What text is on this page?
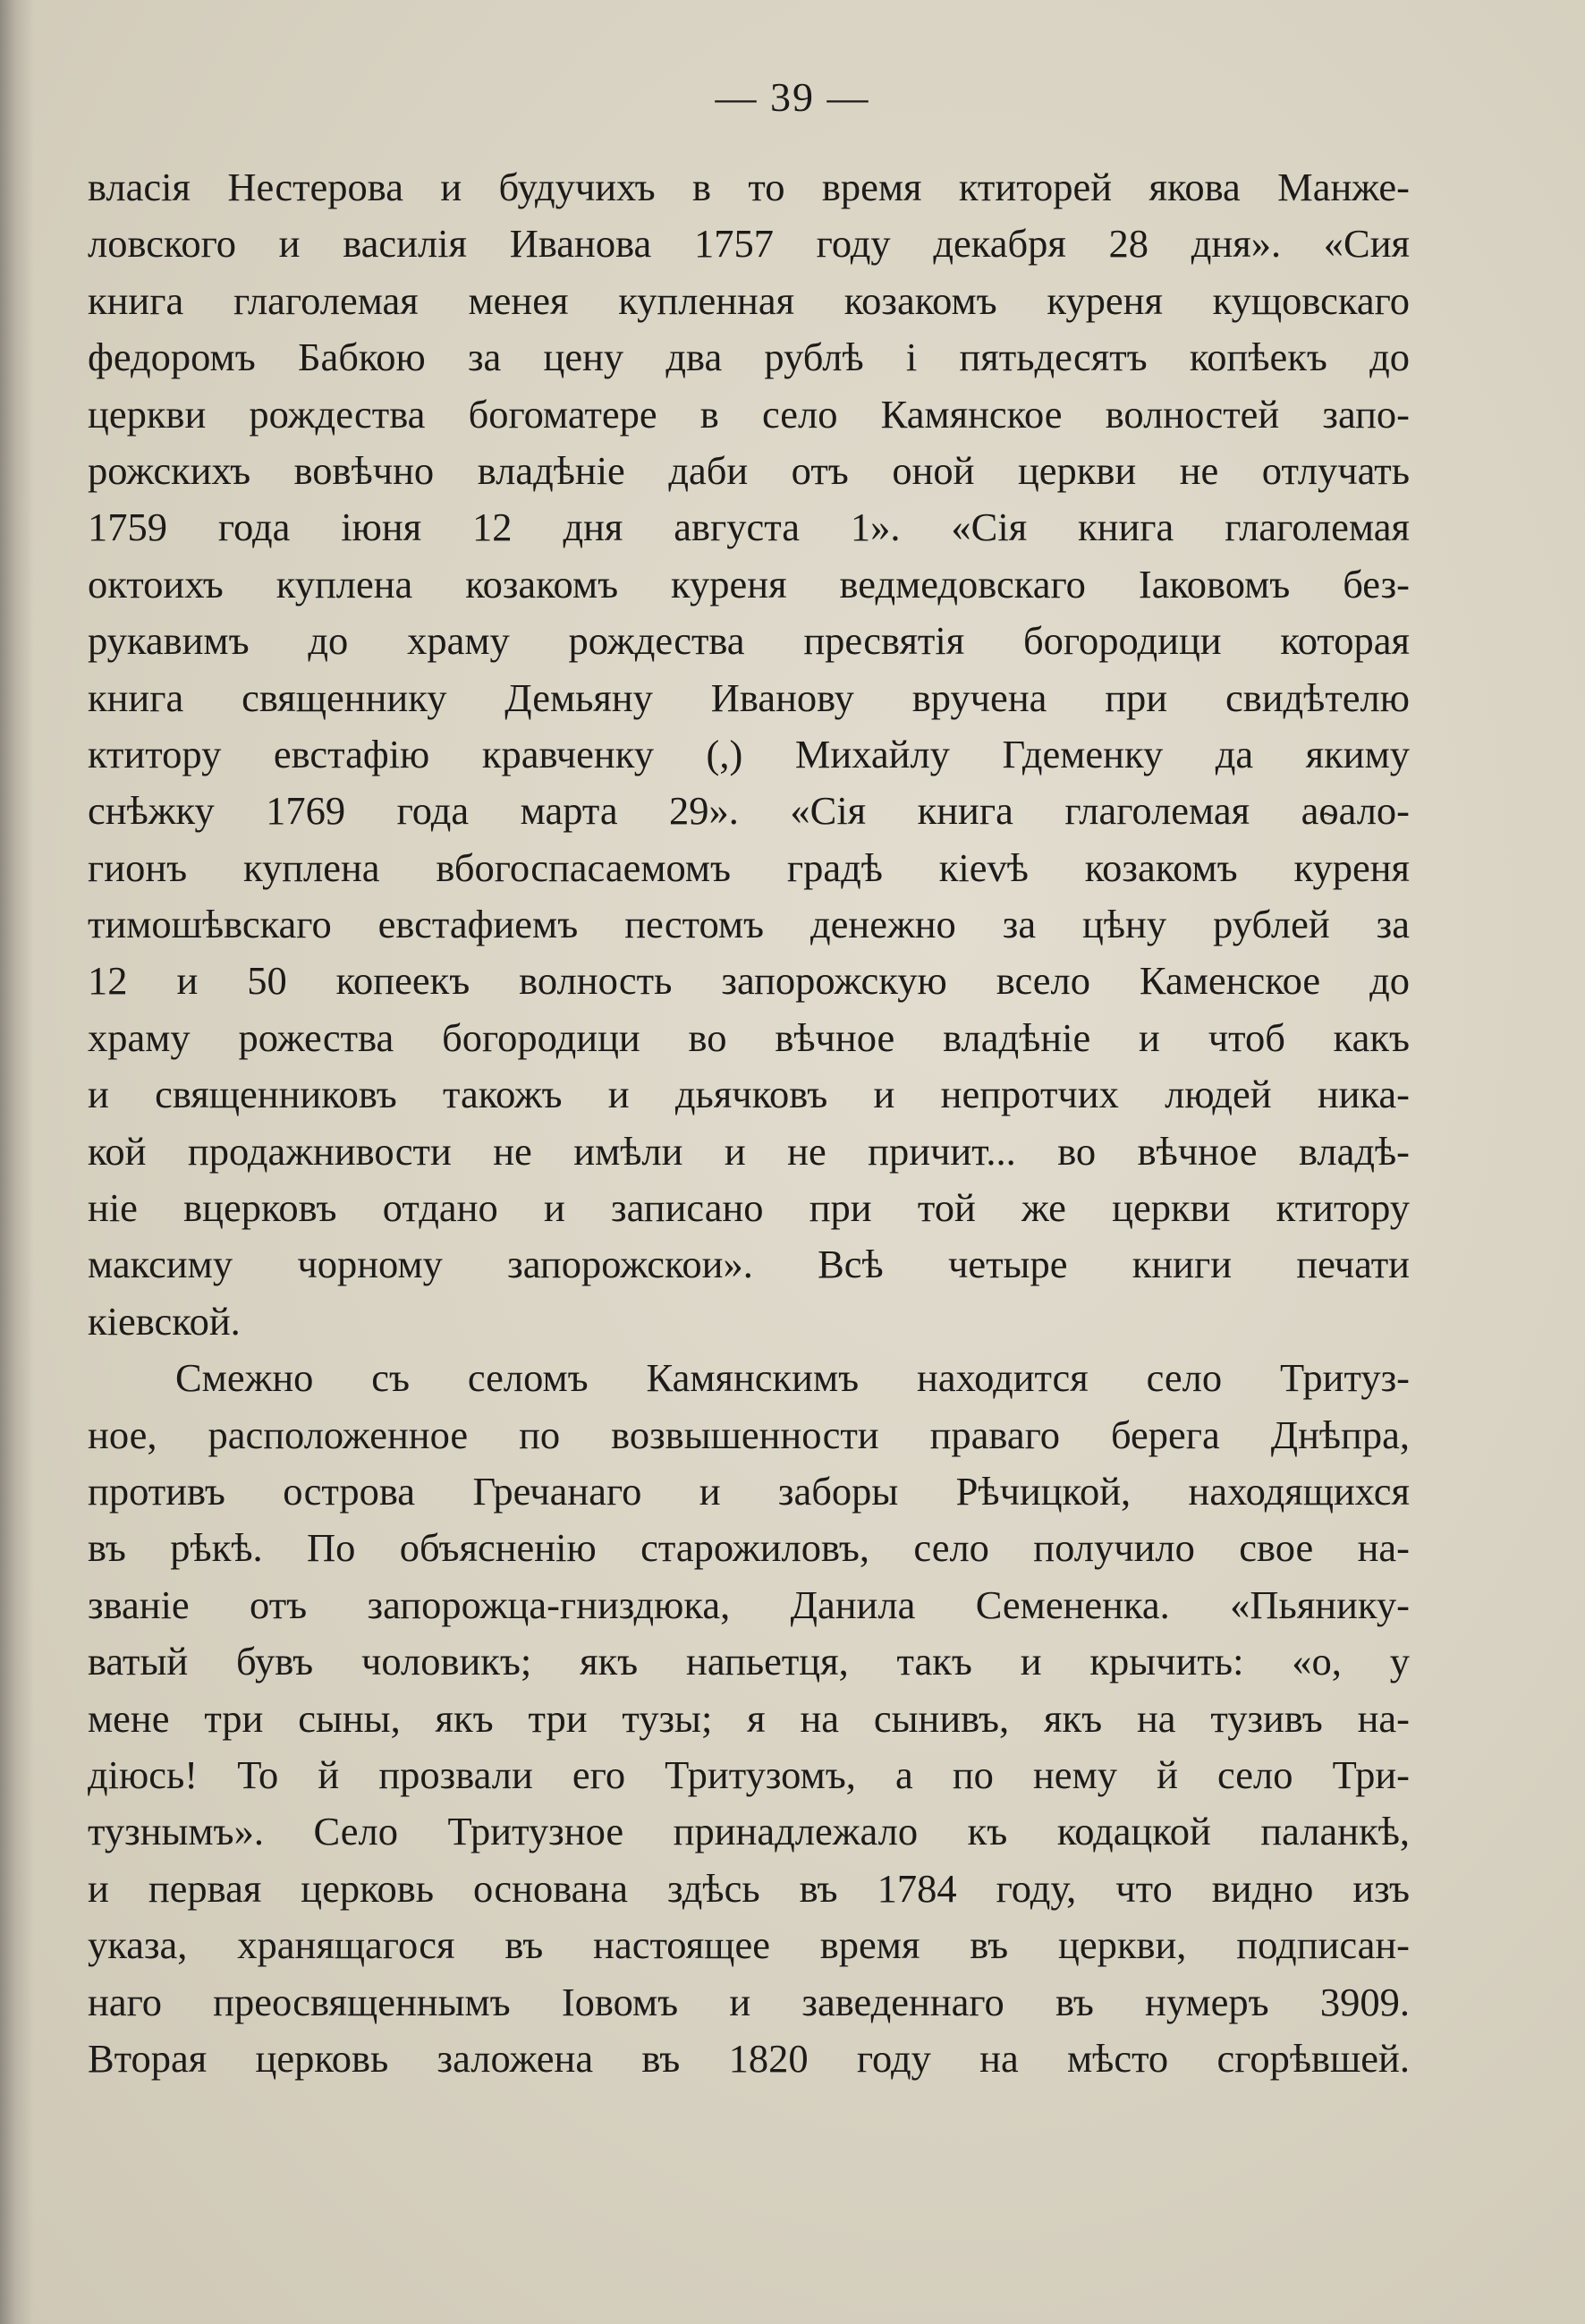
— 39 —
власія Нестерова и будучихъ в то время ктиторей якова Манже-
ловского и василія Иванова 1757 году декабря 28 дня». «Сия
книга глаголемая менея купленная козакомъ куреня кущовскаго
федоромъ Бабкою за цену два рублѣ і пятьдесятъ копѣекъ до
церкви рождества богоматере в село Камянское волностей запо-
рожскихъ вовѣчно владѣніе даби отъ оной церкви не отлучать
1759 года іюня 12 дня августа 1». «Сія книга глаголемая
октоихъ куплена козакомъ куреня ведмедовскаго Іаковомъ без-
рукавимъ до храму рождества пресвятія богородици которая
книга священнику Демьяну Иванову вручена при свидѣтелю
ктитору евстафію кравченку (,) Михайлу Гдеменку да якиму
снѣжку 1769 года марта 29». «Сія книга глаголемая аѳало-
гионъ куплена вбогоспасаемомъ градѣ кievѣ козакомъ куреня
тимошѣвскаго евстафиемъ пестомъ денежно за цѣну рублей за
12 и 50 копеекъ волность запорожскую всело Каменское до
храму рожества богородици во вѣчное владѣніе и чтоб какъ
и священниковъ такожъ и дьячковъ и непротчих людей ника-
кой продажнивости не имѣли и не причит... во вѣчное владѣ-
ніе вцерковъ отдано и записано при той же церкви ктитору
максиму чорному запорожскои». Всѣ четыре книги печати
кіевской.
Смежно съ селомъ Камянскимъ находится село Тритуз-
ное, расположенное по возвышенности праваго берега Днѣпра,
противъ острова Гречанаго и заборы Рѣчицкой, находящихся
въ рѣкѣ. По объясненію старожиловъ, село получило свое на-
званіе отъ запорожца-гниздюка, Данила Семененка. «Пьянику-
ватый бувъ чоловикъ; якъ напьетця, такъ и крычить: «о, у
мене три сыны, якъ три тузы; я на сынивъ, якъ на тузивъ на-
діюсь! То й прозвали его Тритузомъ, а по нему й село Три-
тузнымъ». Село Тритузное принадлежало къ кодацкой паланкѣ,
и первая церковь основана здѣсь въ 1784 году, что видно изъ
указа, хранящагося въ настоящее время въ церкви, подписан-
наго преосвященнымъ Іовомъ и заведеннаго въ нумеръ 3909.
Вторая церковь заложена въ 1820 году на мѣсто сгорѣвшей.
